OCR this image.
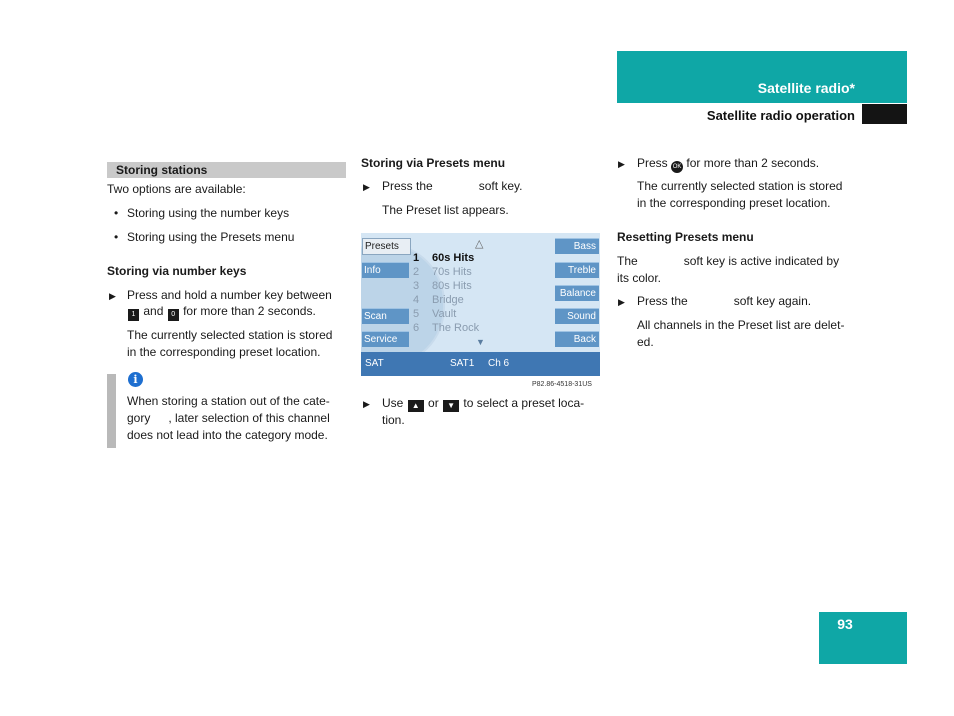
Satellite radio*
Satellite radio operation
Storing stations
Two options are available:
• Storing using the number keys
• Storing using the Presets menu
Storing via number keys
▶ Press and hold a number key between
1 and 0 for more than 2 seconds.
The currently selected station is stored
in the corresponding preset location.
i
When storing a station out of the cate-
gory , later selection of this channel
does not lead into the category mode.
Storing via Presets menu
▶ Press the	soft key.
The Preset list appears.
Presets
Info
Scan
Service
Bass
Treble
Balance
Sound
Back
△
1 60s Hits
2 70s Hits
3 80s Hits
4 Bridge
5 Vault
6 The Rock
▼
SAT	SAT1 Ch 6
P82.86-4518-31US
▶ Use ▲ or ▼ to select a preset loca-
tion.
▶ Press OK for more than 2 seconds.
The currently selected station is stored
in the corresponding preset location.
Resetting Presets menu
The	soft key is active indicated by
its color.
▶ Press the	soft key again.
All channels in the Preset list are delet-
ed.
93
